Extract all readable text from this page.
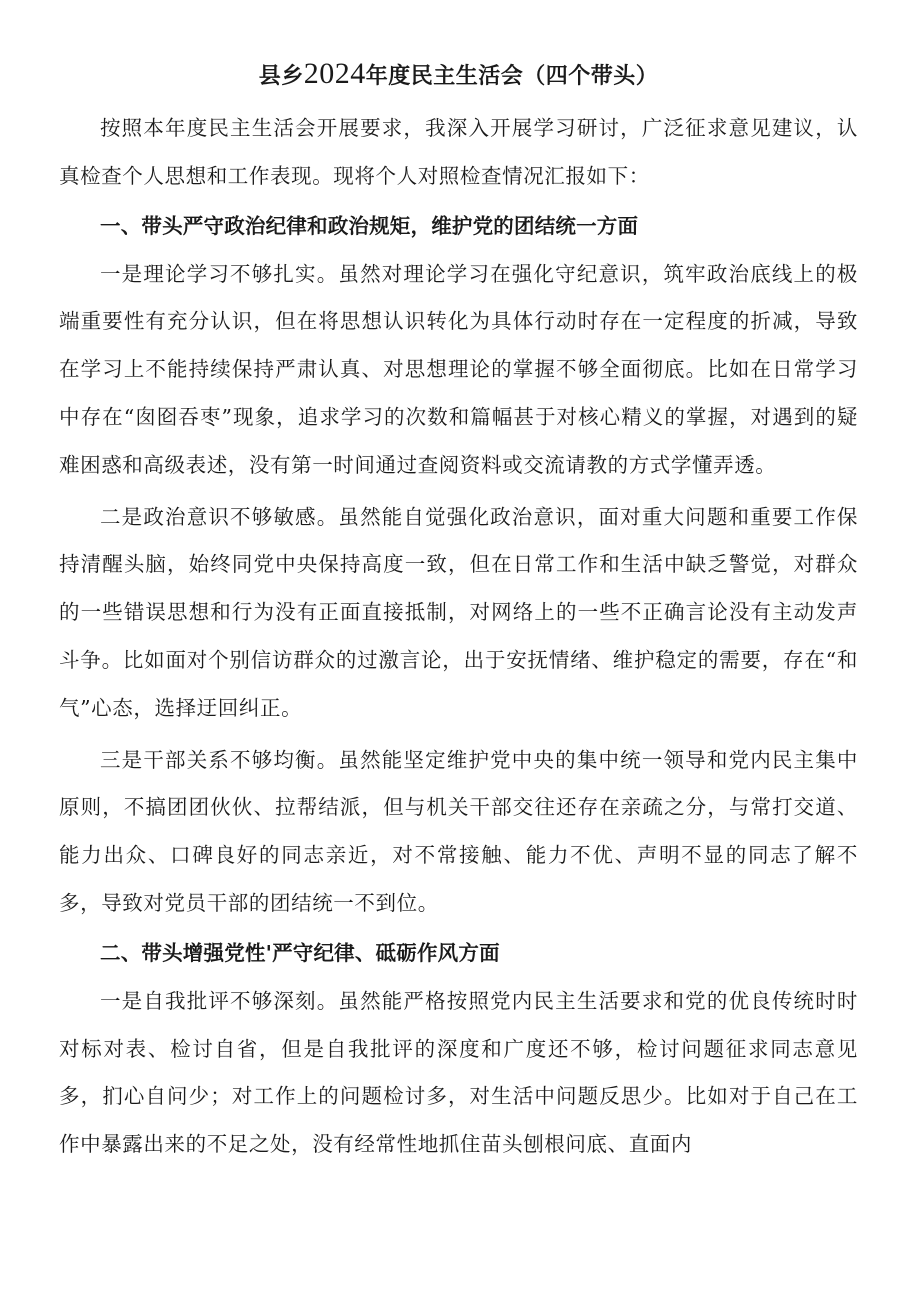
县乡2024年度民主生活会（四个带头）

按照本年度民主生活会开展要求，我深入开展学习研讨，广泛征求意见建议，认真检查个人思想和工作表现。现将个人对照检查情况汇报如下：

一、带头严守政治纪律和政治规矩，维护党的团结统一方面

一是理论学习不够扎实。虽然对理论学习在强化守纪意识，筑牢政治底线上的极端重要性有充分认识，但在将思想认识转化为具体行动时存在一定程度的折减，导致在学习上不能持续保持严肃认真、对思想理论的掌握不够全面彻底。比如在日常学习中存在“囱囵吞枣”现象，追求学习的次数和篇幅甚于对核心精义的掌握，对遇到的疑难困惑和高级表述，没有第一时间通过查阅资料或交流请教的方式学懂弄透。

二是政治意识不够敏感。虽然能自觉强化政治意识，面对重大问题和重要工作保持清醒头脑，始终同党中央保持高度一致，但在日常工作和生活中缺乏警觉，对群众的一些错误思想和行为没有正面直接抵制，对网络上的一些不正确言论没有主动发声斗争。比如面对个别信访群众的过激言论，出于安抚情绪、维护稳定的需要，存在“和气”心态，选择迂回纠正。

三是干部关系不够均衡。虽然能坚定维护党中央的集中统一领导和党内民主集中原则，不搞团团伙伙、拉帮结派，但与机关干部交往还存在亲疏之分，与常打交道、能力出众、口碑良好的同志亲近，对不常接触、能力不优、声明不显的同志了解不多，导致对党员干部的团结统一不到位。

二、带头增强党性'严守纪律、砥砺作风方面

一是自我批评不够深刻。虽然能严格按照党内民主生活要求和党的优良传统时时对标对表、检讨自省，但是自我批评的深度和广度还不够，检讨问题征求同志意见多，扪心自问少；对工作上的问题检讨多，对生活中问题反思少。比如对于自己在工作中暴露出来的不足之处，没有经常性地抓住苗头刨根问底、直面内
